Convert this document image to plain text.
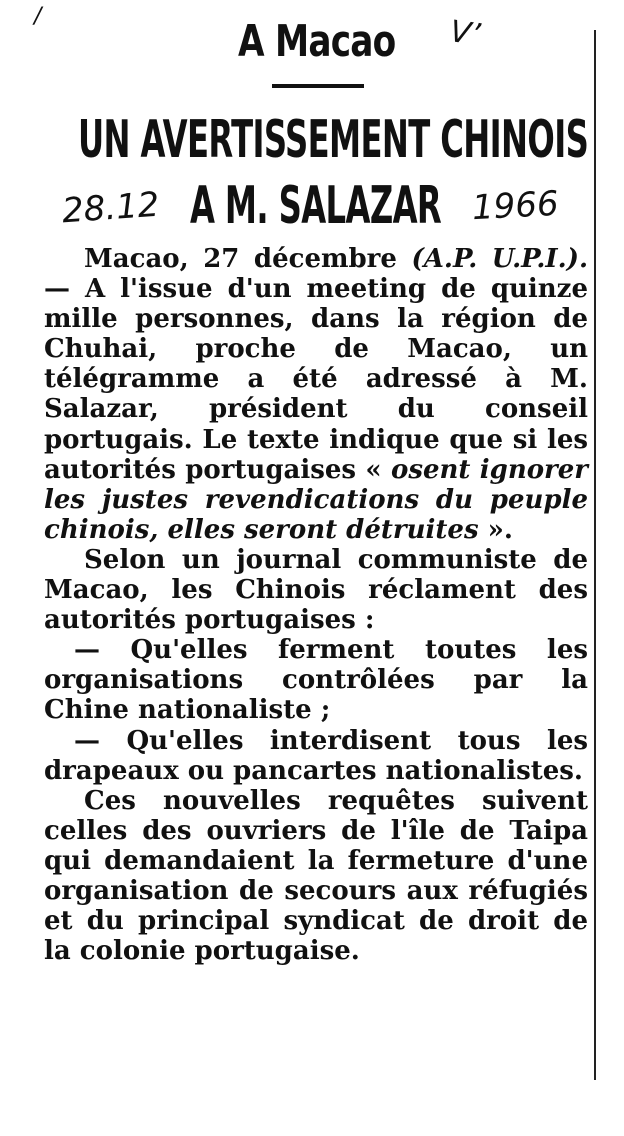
/	A Macao V’
UN AVERTISSEMENT CHINOIS
28.12 A M. SALAZAR 1966

Macao, 27 décembre (A.P. U.P.I.). — A l'issue d'un meeting de quinze mille personnes, dans la région de Chuhai, proche de Macao, un télégramme a été adressé à M. Salazar, président du conseil portugais. Le texte indique que si les autorités portugaises « osent ignorer les justes revendications du peuple chinois, elles seront détruites ».

Selon un journal communiste de Macao, les Chinois réclament des autorités portugaises :

— Qu'elles ferment toutes les organisations contrôlées par la Chine nationaliste ;

— Qu'elles interdisent tous les drapeaux ou pancartes nationalistes.

Ces nouvelles requêtes suivent celles des ouvriers de l'île de Taipa qui demandaient la fermeture d'une organisation de secours aux réfugiés et du principal syndicat de droit de la colonie portugaise.
